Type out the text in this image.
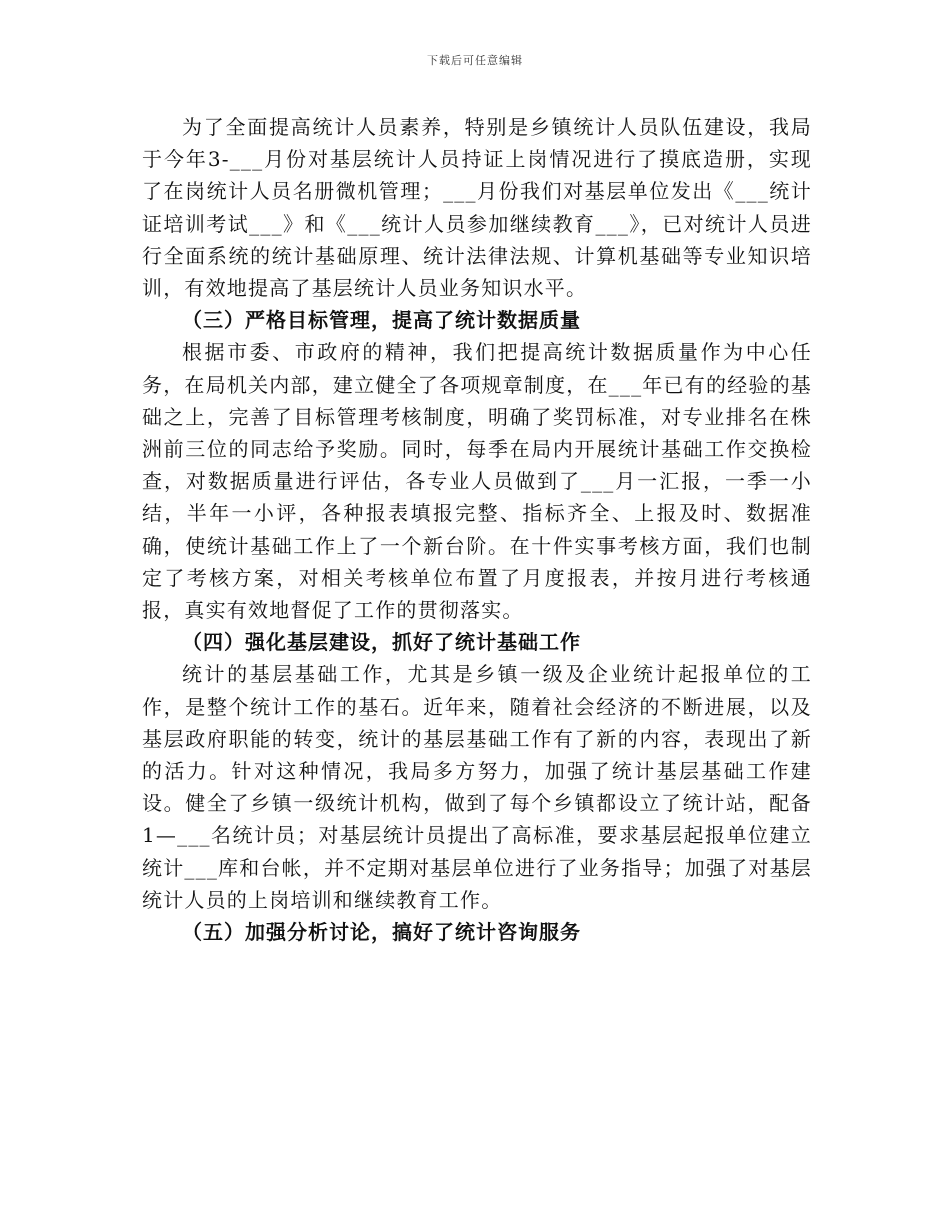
下载后可任意编辑

为了全面提高统计人员素养，特别是乡镇统计人员队伍建设，我局于今年3-___月份对基层统计人员持证上岗情况进行了摸底造册，实现了在岗统计人员名册微机管理；___月份我们对基层单位发出《___统计证培训考试___》和《___统计人员参加继续教育___》，已对统计人员进行全面系统的统计基础原理、统计法律法规、计算机基础等专业知识培训，有效地提高了基层统计人员业务知识水平。

（三）严格目标管理，提高了统计数据质量

根据市委、市政府的精神，我们把提高统计数据质量作为中心任务，在局机关内部，建立健全了各项规章制度，在___年已有的经验的基础之上，完善了目标管理考核制度，明确了奖罚标准，对专业排名在株洲前三位的同志给予奖励。同时，每季在局内开展统计基础工作交换检查，对数据质量进行评估，各专业人员做到了___月一汇报，一季一小结，半年一小评，各种报表填报完整、指标齐全、上报及时、数据准确，使统计基础工作上了一个新台阶。在十件实事考核方面，我们也制定了考核方案，对相关考核单位布置了月度报表，并按月进行考核通报，真实有效地督促了工作的贯彻落实。

（四）强化基层建设，抓好了统计基础工作

统计的基层基础工作，尤其是乡镇一级及企业统计起报单位的工作，是整个统计工作的基石。近年来，随着社会经济的不断进展，以及基层政府职能的转变，统计的基层基础工作有了新的内容，表现出了新的活力。针对这种情况，我局多方努力，加强了统计基层基础工作建设。健全了乡镇一级统计机构，做到了每个乡镇都设立了统计站，配备1—___名统计员；对基层统计员提出了高标准，要求基层起报单位建立统计___库和台帐，并不定期对基层单位进行了业务指导；加强了对基层统计人员的上岗培训和继续教育工作。

（五）加强分析讨论，搞好了统计咨询服务
